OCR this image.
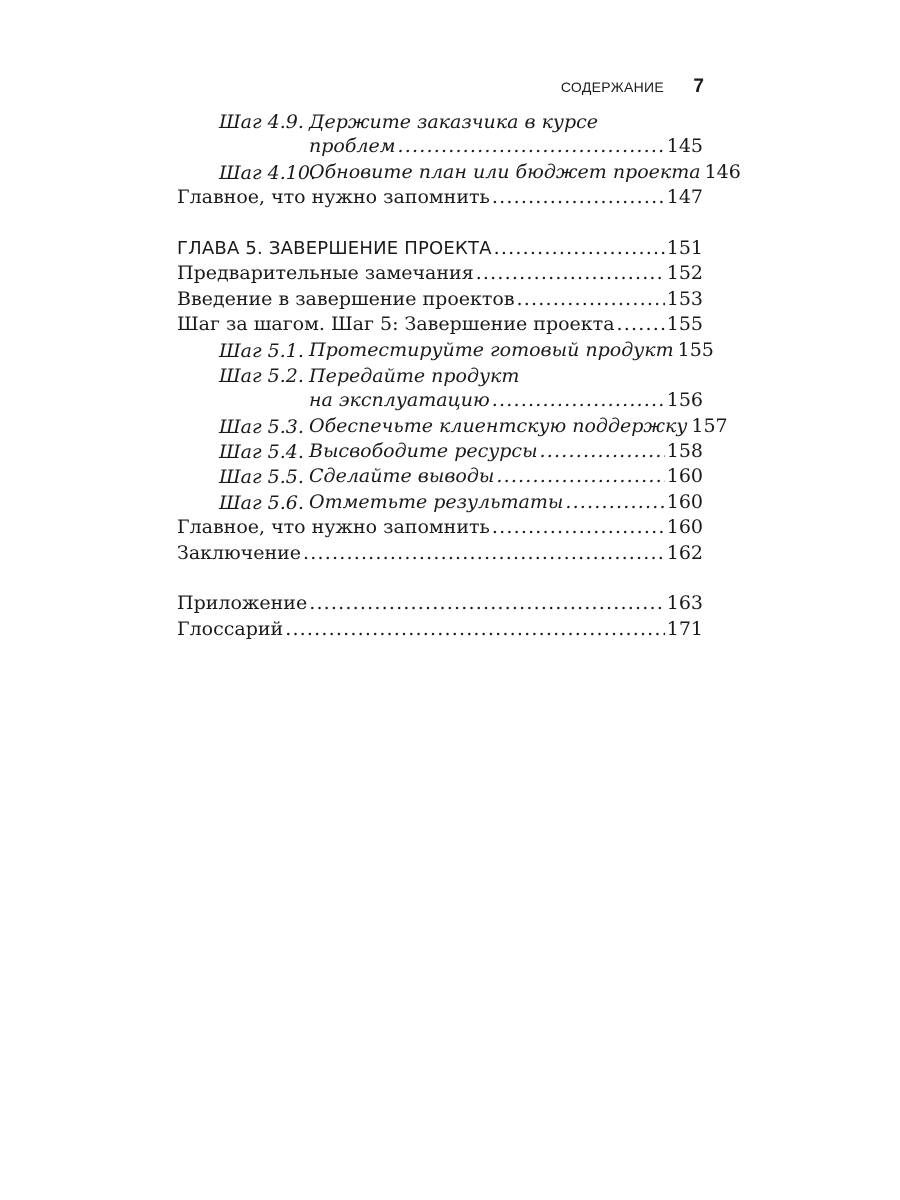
СОДЕРЖАНИЕ 7
Шаг 4.9. Держите заказчика в курсе
проблем .....	145
Шаг 4.10.
Обновите план или бюджет проекта 146
Главное, что нужно запомнить .....	147
ГЛАВА 5. ЗАВЕРШЕНИЕ ПРОЕКТА .....	151
Предварительные замечания .....	152
Введение в завершение проектов .....	153
Шаг за шагом. Шаг 5: Завершение проекта .....	155
Шаг 5.1. Протестируйте готовый продукт 155
Шаг 5.2. Передайте продукт
на эксплуатацию .....	156
Шаг 5.3. Обеспечьте клиентскую поддержку 157
Шаг 5.4. Высвободите ресурсы .....	158
Шаг 5.5. Сделайте выводы .....	160
Шаг 5.6. Отметьте результаты .....	160
Главное, что нужно запомнить .....	160
Заключение .....	162
Приложение .....	163
Глоссарий .....	171
